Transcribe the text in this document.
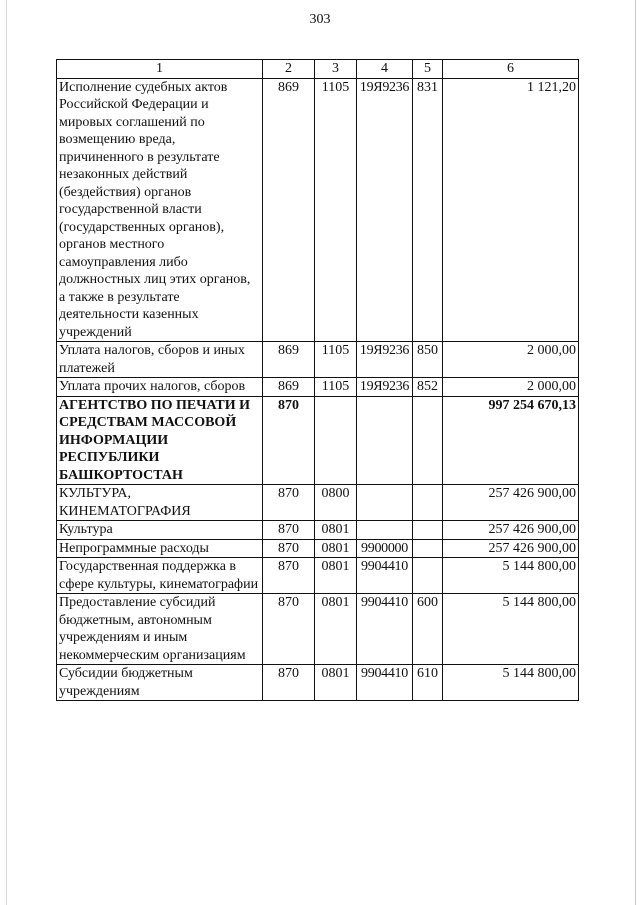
303
1	2	3	4	5	6
Исполнение судебных актов Российской Федерации и мировых соглашений по возмещению вреда, причиненного в результате незаконных действий (бездействия) органов государственной власти (государственных органов), органов местного самоуправления либо должностных лиц этих органов, а также в результате деятельности казенных учреждений	869	1105	19Я9236	831	1 121,20
Уплата налогов, сборов и иных платежей	869	1105	19Я9236	850	2 000,00
Уплата прочих налогов, сборов	869	1105	19Я9236	852	2 000,00
АГЕНТСТВО ПО ПЕЧАТИ И СРЕДСТВАМ МАССОВОЙ ИНФОРМАЦИИ РЕСПУБЛИКИ БАШКОРТОСТАН	870				997 254 670,13
КУЛЬТУРА, КИНЕМАТОГРАФИЯ	870	0800			257 426 900,00
Культура	870	0801			257 426 900,00
Непрограммные расходы	870	0801	9900000		257 426 900,00
Государственная поддержка в сфере культуры, кинематографии	870	0801	9904410		5 144 800,00
Предоставление субсидий бюджетным, автономным учреждениям и иным некоммерческим организациям	870	0801	9904410	600	5 144 800,00
Субсидии бюджетным учреждениям	870	0801	9904410	610	5 144 800,00
